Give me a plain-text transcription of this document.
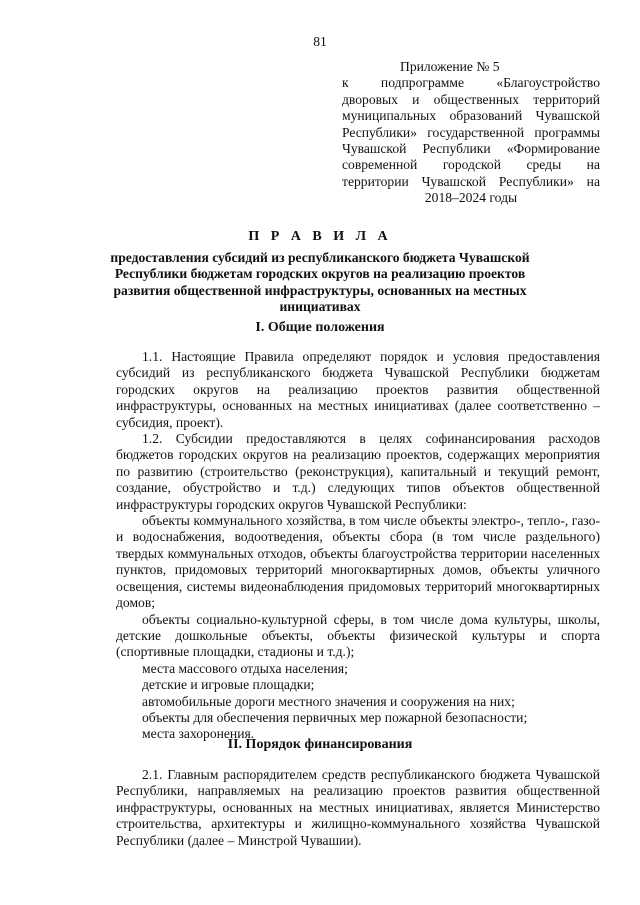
81
Приложение № 5
к подпрограмме «Благоустройство дворовых и общественных территорий муниципальных образований Чувашской Республики» государственной программы Чувашской Республики «Формирование современной городской среды на территории Чувашской Республики» на 2018–2024 годы
П Р А В И Л А
предоставления субсидий из республиканского бюджета Чувашской Республики бюджетам городских округов на реализацию проектов развития общественной инфраструктуры, основанных на местных инициативах
I. Общие положения

1.1. Настоящие Правила определяют порядок и условия предоставления субсидий из республиканского бюджета Чувашской Республики бюджетам городских округов на реализацию проектов развития общественной инфраструктуры, основанных на местных инициативах (далее соответственно – субсидия, проект).

1.2. Субсидии предоставляются в целях софинансирования расходов бюджетов городских округов на реализацию проектов, содержащих мероприятия по развитию (строительство (реконструкция), капитальный и текущий ремонт, создание, обустройство и т.д.) следующих типов объектов общественной инфраструктуры городских округов Чувашской Республики:

объекты коммунального хозяйства, в том числе объекты электро-, тепло-, газо- и водоснабжения, водоотведения, объекты сбора (в том числе раздельного) твердых коммунальных отходов, объекты благоустройства территории населенных пунктов, придомовых территорий многоквартирных домов, объекты уличного освещения, системы видеонаблюдения придомовых территорий многоквартирных домов;

объекты социально-культурной сферы, в том числе дома культуры, школы, детские дошкольные объекты, объекты физической культуры и спорта (спортивные площадки, стадионы и т.д.);

места массового отдыха населения;

детские и игровые площадки;

автомобильные дороги местного значения и сооружения на них;

объекты для обеспечения первичных мер пожарной безопасности;

места захоронения.

II. Порядок финансирования

2.1. Главным распорядителем средств республиканского бюджета Чувашской Республики, направляемых на реализацию проектов развития общественной инфраструктуры, основанных на местных инициативах, является Министерство строительства, архитектуры и жилищно-коммунального хозяйства Чувашской Республики (далее – Минстрой Чувашии).
